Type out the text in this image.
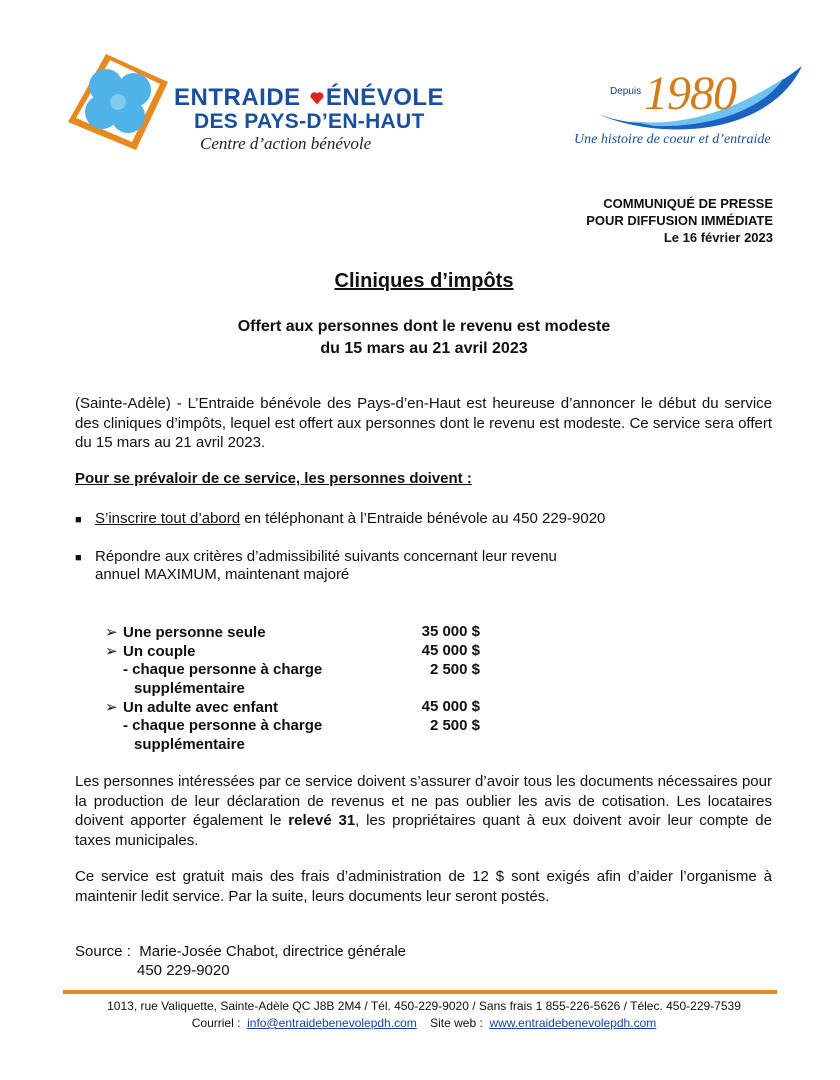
ENTRAIDE ÉNÉVOLE
DES PAYS-D’EN-HAUT
Centre d’action bénévole
Depuis 1980
Une histoire de coeur et d’entraide
COMMUNIQUÉ DE PRESSE
POUR DIFFUSION IMMÉDIATE
Le 16 février 2023
Cliniques d’impôts
Offert aux personnes dont le revenu est modeste
du 15 mars au 21 avril 2023
(Sainte-Adèle) - L’Entraide bénévole des Pays-d’en-Haut est heureuse d’annoncer le début du service des cliniques d’impôts, lequel est offert aux personnes dont le revenu est modeste. Ce service sera offert du 15 mars au 21 avril 2023.
Pour se prévaloir de ce service, les personnes doivent :
■ S’inscrire tout d’abord en téléphonant à l’Entraide bénévole au 450 229-9020
■ Répondre aux critères d’admissibilité suivants concernant leur revenu
annuel MAXIMUM, maintenant majoré
➢ Une personne seule	35 000 $
➢ Un couple	45 000 $
- chaque personne à charge	2 500 $
supplémentaire
➢ Un adulte avec enfant	45 000 $
- chaque personne à charge	2 500 $
supplémentaire
Les personnes intéressées par ce service doivent s’assurer d’avoir tous les documents nécessaires pour la production de leur déclaration de revenus et ne pas oublier les avis de cotisation. Les locataires doivent apporter également le relevé 31, les propriétaires quant à eux doivent avoir leur compte de taxes municipales.
Ce service est gratuit mais des frais d’administration de 12 $ sont exigés afin d’aider l’organisme à maintenir ledit service. Par la suite, leurs documents leur seront postés.
Source : Marie-Josée Chabot, directrice générale
450 229-9020
1013, rue Valiquette, Sainte-Adèle QC J8B 2M4 / Tél. 450-229-9020 / Sans frais 1 855-226-5626 / Télec. 450-229-7539
Courriel : info@entraidebenevolepdh.com Site web : www.entraidebenevolepdh.com
